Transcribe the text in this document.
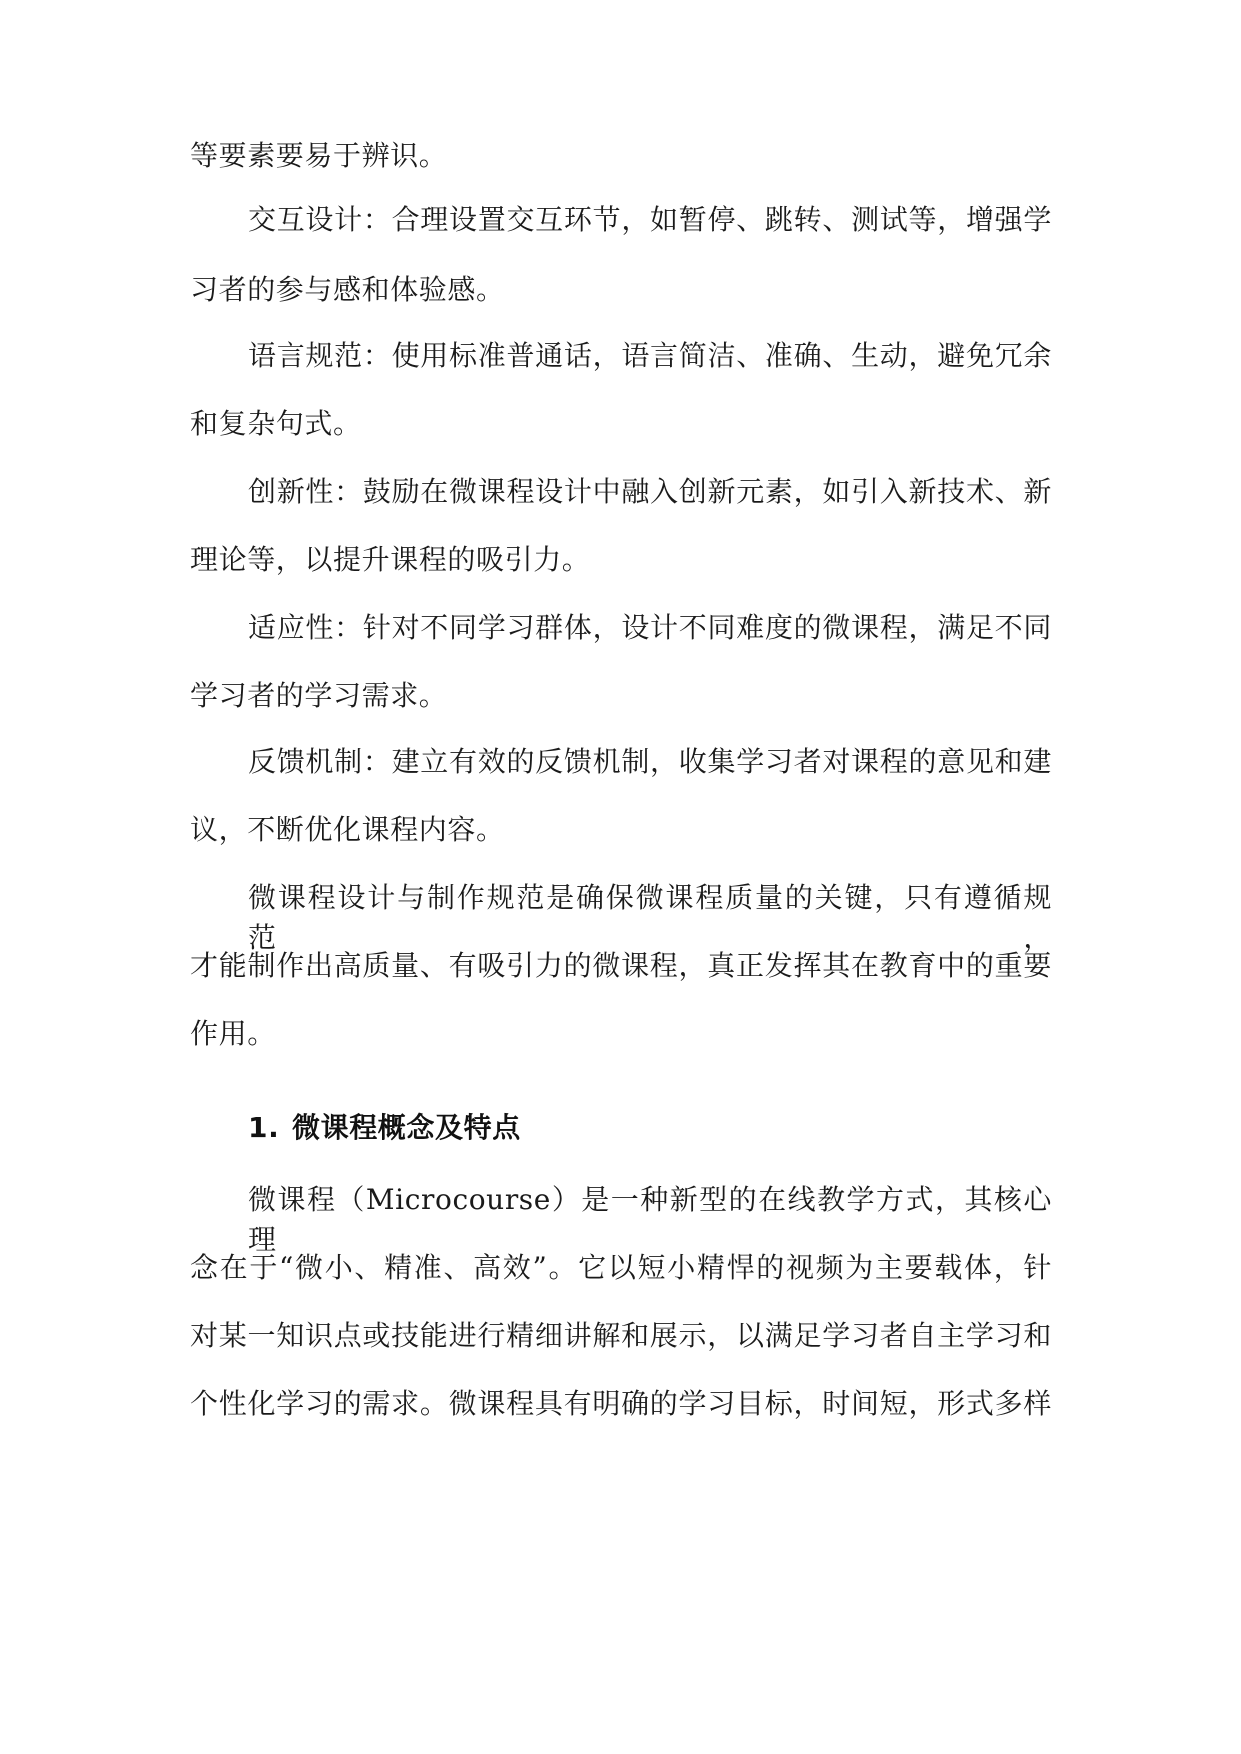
等要素要易于辨识。
交互设计：合理设置交互环节，如暂停、跳转、测试等，增强学
习者的参与感和体验感。
语言规范：使用标准普通话，语言简洁、准确、生动，避免冗余
和复杂句式。
创新性：鼓励在微课程设计中融入创新元素，如引入新技术、新
理论等，以提升课程的吸引力。
适应性：针对不同学习群体，设计不同难度的微课程，满足不同
学习者的学习需求。
反馈机制：建立有效的反馈机制，收集学习者对课程的意见和建
议，不断优化课程内容。
微课程设计与制作规范是确保微课程质量的关键，只有遵循规范，
才能制作出高质量、有吸引力的微课程，真正发挥其在教育中的重要
作用。
1. 微课程概念及特点
微课程（Microcourse）是一种新型的在线教学方式，其核心理
念在于“微小、精准、高效”。它以短小精悍的视频为主要载体，针
对某一知识点或技能进行精细讲解和展示，以满足学习者自主学习和
个性化学习的需求。微课程具有明确的学习目标，时间短，形式多样
